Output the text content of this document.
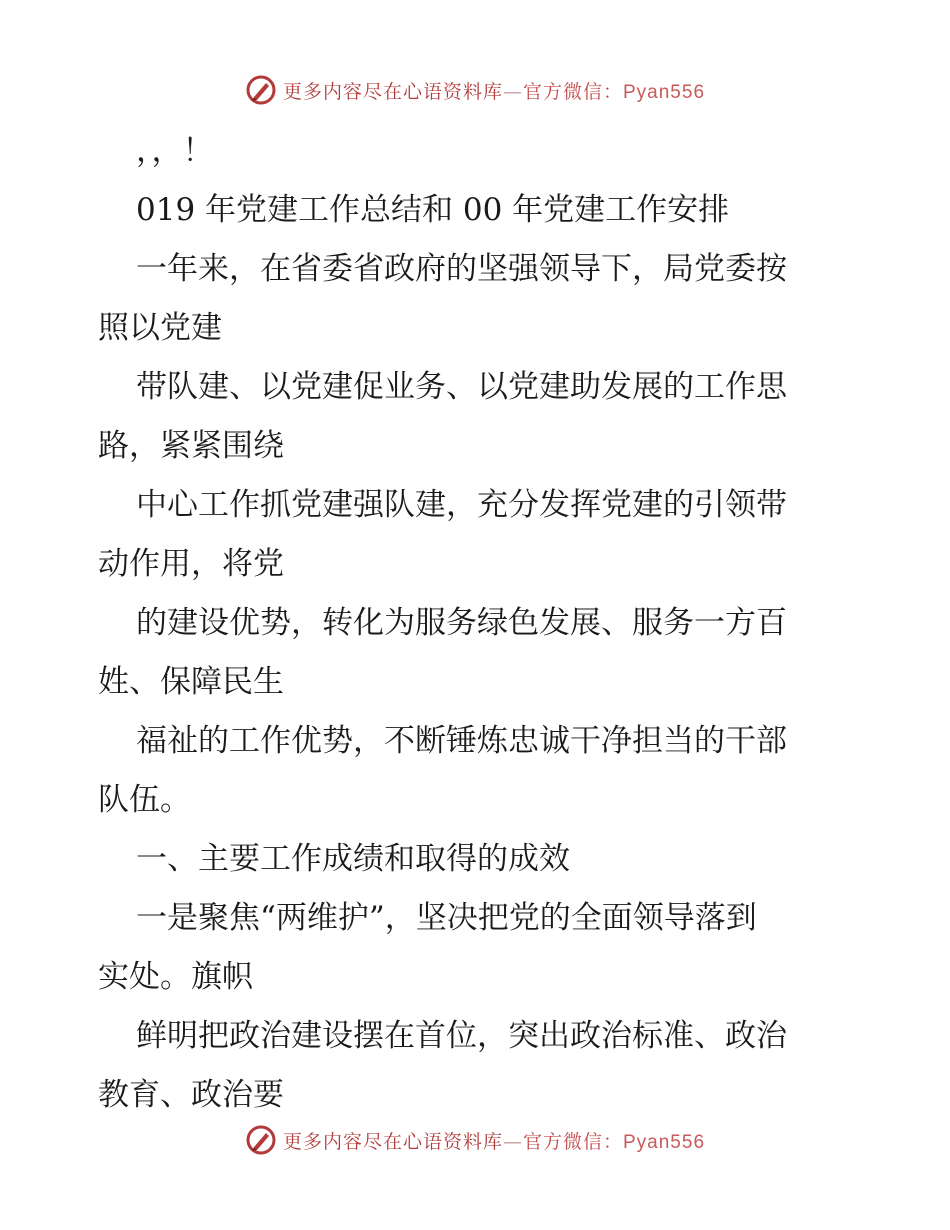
更多内容尽在心语资料库—官方微信：Pyan556
，，！
019 年党建工作总结和 00 年党建工作安排
一年来，在省委省政府的坚强领导下，局党委按
照以党建
带队建、以党建促业务、以党建助发展的工作思
路，紧紧围绕
中心工作抓党建强队建，充分发挥党建的引领带
动作用，将党
的建设优势，转化为服务绿色发展、服务一方百
姓、保障民生
福祉的工作优势，不断锤炼忠诚干净担当的干部
队伍。
一、主要工作成绩和取得的成效
一是聚焦“两维护”，坚决把党的全面领导落到
实处。旗帜
鲜明把政治建设摆在首位，突出政治标准、政治
教育、政治要
更多内容尽在心语资料库—官方微信：Pyan556
